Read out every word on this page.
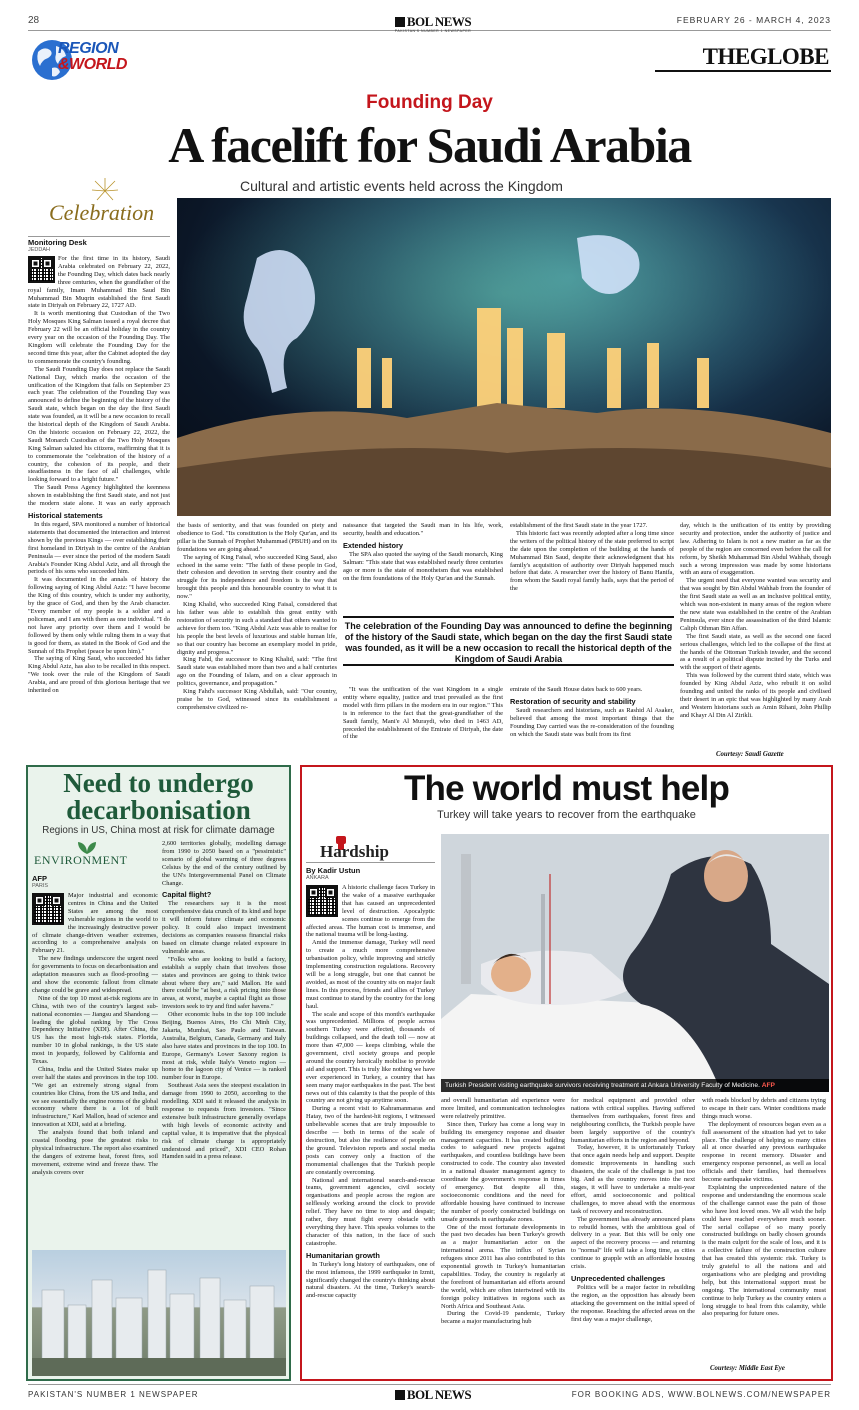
28	BOL NEWS
PAKISTAN'S NUMBER 1 NEWSPAPER
FEBRUARY 26 - MARCH 4, 2023
REGION
&WORLD	THEGLOBE
Founding Day
A facelift for Saudi Arabia
Cultural and artistic events held across the Kingdom
Celebration
Monitoring Desk
JEDDAH

For the first time in its history, Saudi Arabia celebrated on February 22, 2022, the Founding Day, which dates back nearly three centuries, when the grandfather of the royal family, Imam Muhammad Bin Saud Bin Muhammad Bin Muqrin established the first Saudi state in Diriyah on February 22, 1727 AD.

It is worth mentioning that Custodian of the Two Holy Mosques King Salman issued a royal decree that February 22 will be an official holiday in the country every year on the occasion of the Founding Day. The Kingdom will celebrate the Founding Day for the second time this year, after the Cabinet adopted the day to commemorate the country's founding.

The Saudi Founding Day does not replace the Saudi National Day, which marks the occasion of the unification of the Kingdom that falls on September 23 each year. The celebration of the Founding Day was announced to define the beginning of the history of the Saudi state, which began on the day the first Saudi state was founded, as it will be a new occasion to recall the historical depth of the Kingdom of Saudi Arabia. On the historic occasion on February 22, 2022, the Saudi Monarch Custodian of the Two Holy Mosques King Salman saluted his citizens, reaffirming that it is to commemorate the "celebration of the history of a country, the cohesion of its people, and their steadfastness in the face of all challenges, while looking forward to a bright future."

The Saudi Press Agency highlighted the keenness shown in establishing the first Saudi state, and not just the modern state alone. It was an early approach

Historical statements

In this regard, SPA monitored a number of historical statements that documented the interaction and interest shown by the previous Kings — over establishing their first homeland in Diriyah in the centre of the Arabian Peninsula — ever since the period of the modern Saudi Arabia's Founder King Abdul Aziz, and all through the periods of his sons who succeeded him.

It was documented in the annals of history the following saying of King Abdul Aziz: "I have become the King of this country, which is under my authority, by the grace of God, and then by the Arab character. "Every member of my people is a soldier and a policeman, and I am with them as one individual. "I do not have any priority over them and I would be followed by them only while ruling them in a way that is good for them, as stated in the Book of God and the Sunnah of His Prophet (peace be upon him)."

The saying of King Saud, who succeeded his father King Abdul Aziz, has also to be recalled in this respect. "We took over the rule of the Kingdom of Saudi Arabia, and are proud of this glorious heritage that we inherited on

the basis of seniority, and that was founded on piety and obedience to God. "Its constitution is the Holy Qur'an, and its pillar is the Sunnah of Prophet Muhammad (PBUH) and on its foundations we are going ahead."

The saying of King Faisal, who succeeded King Saud, also echoed in the same vein: "The faith of these people in God, their cohesion and devotion in serving their country and the struggle for its independence and freedom is the way that brought this people and this honourable country to what it is now."

King Khalid, who succeeded King Faisal, considered that his father was able to establish this great entity with restoration of security in such a standard that others wanted to achieve for them too. "King Abdul Aziz was able to realise for his people the best levels of luxurious and stable human life, so that our country has become an exemplary model in pride, dignity and progress."

King Fahd, the successor to King Khalid, said: "The first Saudi state was established more than two and a half centuries ago on the Founding of Islam, and on a clear approach in politics, governance, and propagation."

King Fahd's successor King Abdullah, said: "Our country, praise be to God, witnessed since its establishment a comprehensive civilized re-

naissance that targeted the Saudi man in his life, work, security, health and education."

Extended history

The SPA also quoted the saying of the Saudi monarch, King Salman: "This state that was established nearly three centuries ago or more is the state of monotheism that was established on the firm foundations of the Holy Qur'an and the Sunnah.

establishment of the first Saudi state in the year 1727.

This historic fact was recently adopted after a long time since the writers of the political history of the state preferred to script the date upon the completion of the building at the hands of Muhammad Bin Saud, despite their acknowledgment that his family's acquisition of authority over Diriyah happened much before that date. A researcher over the history of Banu Hanifa, from whom the Saudi royal family hails, says that the period of the

The celebration of the Founding Day was announced to define the beginning of the history of the Saudi state, which began on the day the first Saudi state was founded, as it will be a new occasion to recall the historical depth of the Kingdom of Saudi Arabia

"It was the unification of the vast Kingdom in a single entity where equality, justice and trust prevailed as the first model with firm pillars in the modern era in our region." This is in reference to the fact that the great-grandfather of the Saudi family, Mani'e Al Muraydi, who died in 1463 AD, preceded the establishment of the Emirate of Diriyah, the date of the

emirate of the Saudi House dates back to 600 years.

Restoration of security and stability

Saudi researchers and historians, such as Rashid Al Asaker, believed that among the most important things that the Founding Day carried was the re-consideration of the founding on which the Saudi state was built from its first

day, which is the unification of its entity by providing security and protection, under the authority of justice and law. Adhering to Islam is not a new matter as far as the people of the region are concerned even before the call for reform, by Sheikh Muhammad Bin Abdul Wahhab, though such a wrong impression was made by some historians with an aura of exaggeration.

The urgent need that everyone wanted was security and that was sought by Bin Abdul Wahhab from the founder of the first Saudi state as well as an inclusive political entity, which was non-existent in many areas of the region where the new state was established in the centre of the Arabian Peninsula, ever since the assassination of the third Islamic Caliph Othman Bin Affan.

The first Saudi state, as well as the second one faced serious challenges, which led to the collapse of the first at the hands of the Ottoman Turkish invader, and the second as a result of a political dispute incited by the Turks and with the support of their agents.

This was followed by the current third state, which was founded by King Abdul Aziz, who rebuilt it on solid founding and united the ranks of its people and civilised their desert in an epic that was highlighted by many Arab and Western historians such as Amin Rihani, John Phillip and Khayr Al Din Al Zirikli.

Courtesy: Saudi Gazette
Need to undergo
decarbonisation
Regions in US, China most at risk for climate damage
ENVIRONMENT
AFP
PARIS

Major industrial and economic centres in China and the United States are among the most vulnerable regions in the world to the increasingly destructive power of climate change-driven weather extremes, according to a comprehensive analysis on February 21.

The new findings underscore the urgent need for governments to focus on decarbonisation and adaptation measures such as flood-proofing — and show the economic fallout from climate change could be grave and widespread.

Nine of the top 10 most at-risk regions are in China, with two of the country's largest sub-national economies — Jiangsu and Shandong — leading the global ranking by The Cross Dependency Initiative (XDI). After China, the US has the most high-risk states. Florida, number 10 in global rankings, is the US state most in jeopardy, followed by California and Texas.

China, India and the United States make up over half the states and provinces in the top 100. "We get an extremely strong signal from countries like China, from the US and India, and we see essentially the engine rooms of the global economy where there is a lot of built infrastructure," Karl Mallon, head of science and innovation at XDI, said at a briefing.

The analysis found that both inland and coastal flooding pose the greatest risks to physical infrastructure. The report also examined the dangers of extreme heat, forest fires, soil movement, extreme wind and freeze thaw. The analysis covers over

2,600 territories globally, modelling damage from 1990 to 2050 based on a "pessimistic" scenario of global warming of three degrees Celsius by the end of the century outlined by the UN's Intergovernmental Panel on Climate Change.

Capital flight?

The researchers say it is the most comprehensive data crunch of its kind and hope it will inform future climate and economic policy. It could also impact investment decisions as companies reassess financial risks based on climate change related exposure in vulnerable areas.

"Folks who are looking to build a factory, establish a supply chain that involves those states and provinces are going to think twice about where they are," said Mallon. He said there could be "at best, a risk pricing into those areas, at worst, maybe a capital flight as those investors seek to try and find safer havens."

Other economic hubs in the top 100 include Beijing, Buenos Aires, Ho Chi Minh City, Jakarta, Mumbai, Sao Paulo and Taiwan. Australia, Belgium, Canada, Germany and Italy also have states and provinces in the top 100. In Europe, Germany's Lower Saxony region is most at risk, while Italy's Veneto region — home to the lagoon city of Venice — is ranked number four in Europe.

Southeast Asia sees the steepest escalation in damage from 1990 to 2050, according to the modelling. XDI said it released the analysis in response to requests from investors. "Since extensive built infrastructure generally overlaps with high levels of economic activity and capital value, it is imperative that the physical risk of climate change is appropriately understood and priced", XDI CEO Rohan Hamden said in a press release.

The world must help
Turkey will take years to recover from the earthquake
Hardship
By Kadir Ustun
ANKARA
Turkish President visiting earthquake survivors receiving treatment at Ankara University Faculty of Medicine. AFP

A historic challenge faces Turkey in the wake of a massive earthquake that has caused an unprecedented level of destruction. Apocalyptic scenes continue to emerge from the affected areas. The human cost is immense, and the national trauma will be long-lasting.

Amid the immense damage, Turkey will need to create a much more comprehensive urbanisation policy, while improving and strictly implementing construction regulations. Recovery will be a long struggle, but one that cannot be avoided, as most of the country sits on major fault lines. In this process, friends and allies of Turkey must continue to stand by the country for the long haul.

The scale and scope of this month's earthquake was unprecedented. Millions of people across southern Turkey were affected, thousands of buildings collapsed, and the death toll — now at more than 47,000 — keeps climbing, while the government, civil society groups and people around the country heroically mobilise to provide aid and support. This is truly like nothing we have ever experienced in Turkey, a country that has seen many major earthquakes in the past. The best news out of this calamity is that the people of this country are not giving up anytime soon.

During a recent visit to Kahramanmaras and Hatay, two of the hardest-hit regions, I witnessed unbelievable scenes that are truly impossible to describe — both in terms of the scale of destruction, but also the resilience of people on the ground. Television reports and social media posts can convey only a fraction of the monumental challenges that the Turkish people are constantly overcoming.

National and international search-and-rescue teams, government agencies, civil society organisations and people across the region are selflessly working around the clock to provide relief. They have no time to stop and despair; rather, they must fight every obstacle with everything they have. This speaks volumes to the character of this nation, in the face of such catastrophe.

Humanitarian growth

In Turkey's long history of earthquakes, one of the most infamous, the 1999 earthquake in Izmit, significantly changed the country's thinking about natural disasters. At the time, Turkey's search-and-rescue capacity

and overall humanitarian aid experience were more limited, and communication technologies were relatively primitive.

Since then, Turkey has come a long way in building its emergency response and disaster management capacities. It has created building codes to safeguard new projects against earthquakes, and countless buildings have been constructed to code. The country also invested in a national disaster management agency to coordinate the government's response in times of emergency. But despite all this, socioeconomic conditions and the need for affordable housing have continued to increase the number of poorly constructed buildings on unsafe grounds in earthquake zones.

One of the most fortunate developments in the past two decades has been Turkey's growth as a major humanitarian actor on the international arena. The influx of Syrian refugees since 2011 has also contributed to this exponential growth in Turkey's humanitarian capabilities. Today, the country is regularly at the forefront of humanitarian aid efforts around the world, which are often intertwined with its foreign policy initiatives in regions such as North Africa and Southeast Asia.

During the Covid-19 pandemic, Turkey became a major manufacturing hub

for medical equipment and provided other nations with critical supplies. Having suffered themselves from earthquakes, forest fires and neighbouring conflicts, the Turkish people have been largely supportive of the country's humanitarian efforts in the region and beyond.

Today, however, it is unfortunately Turkey that once again needs help and support. Despite domestic improvements in handling such disasters, the scale of the challenge is just too big. And as the country moves into the next stages, it will have to undertake a multi-year effort, amid socioeconomic and political challenges, to move ahead with the enormous task of recovery and reconstruction.

The government has already announced plans to rebuild homes, with the ambitious goal of delivery in a year. But this will be only one aspect of the recovery process — and returning to "normal" life will take a long time, as cities continue to grapple with an affordable housing crisis.

Unprecedented challenges

Politics will be a major factor in rebuilding the region, as the opposition has already been attacking the government on the initial speed of the response. Reaching the affected areas on the first day was a major challenge,

with roads blocked by debris and citizens trying to escape in their cars. Winter conditions made things much worse.

The deployment of resources began even as a full assessment of the situation had yet to take place. The challenge of helping so many cities all at once dwarfed any previous earthquake response in recent memory. Disaster and emergency response personnel, as well as local officials and their families, had themselves become earthquake victims.

Explaining the unprecedented nature of the response and understanding the enormous scale of the challenge cannot ease the pain of those who have lost loved ones. We all wish the help could have reached everywhere much sooner. The serial collapse of so many poorly constructed buildings on badly chosen grounds is the main culprit for the scale of loss, and it is a collective failure of the construction culture that has created this systemic risk. Turkey is truly grateful to all the nations and aid organisations who are pledging and providing help, but this international support must be ongoing. The international community must continue to help Turkey as the country enters a long struggle to heal from this calamity, while also preparing for future ones.

Courtesy: Middle East Eye
PAKISTAN'S NUMBER 1 NEWSPAPER	BOL NEWS	FOR BOOKING ADS, WWW.BOLNEWS.COM/NEWSPAPER
